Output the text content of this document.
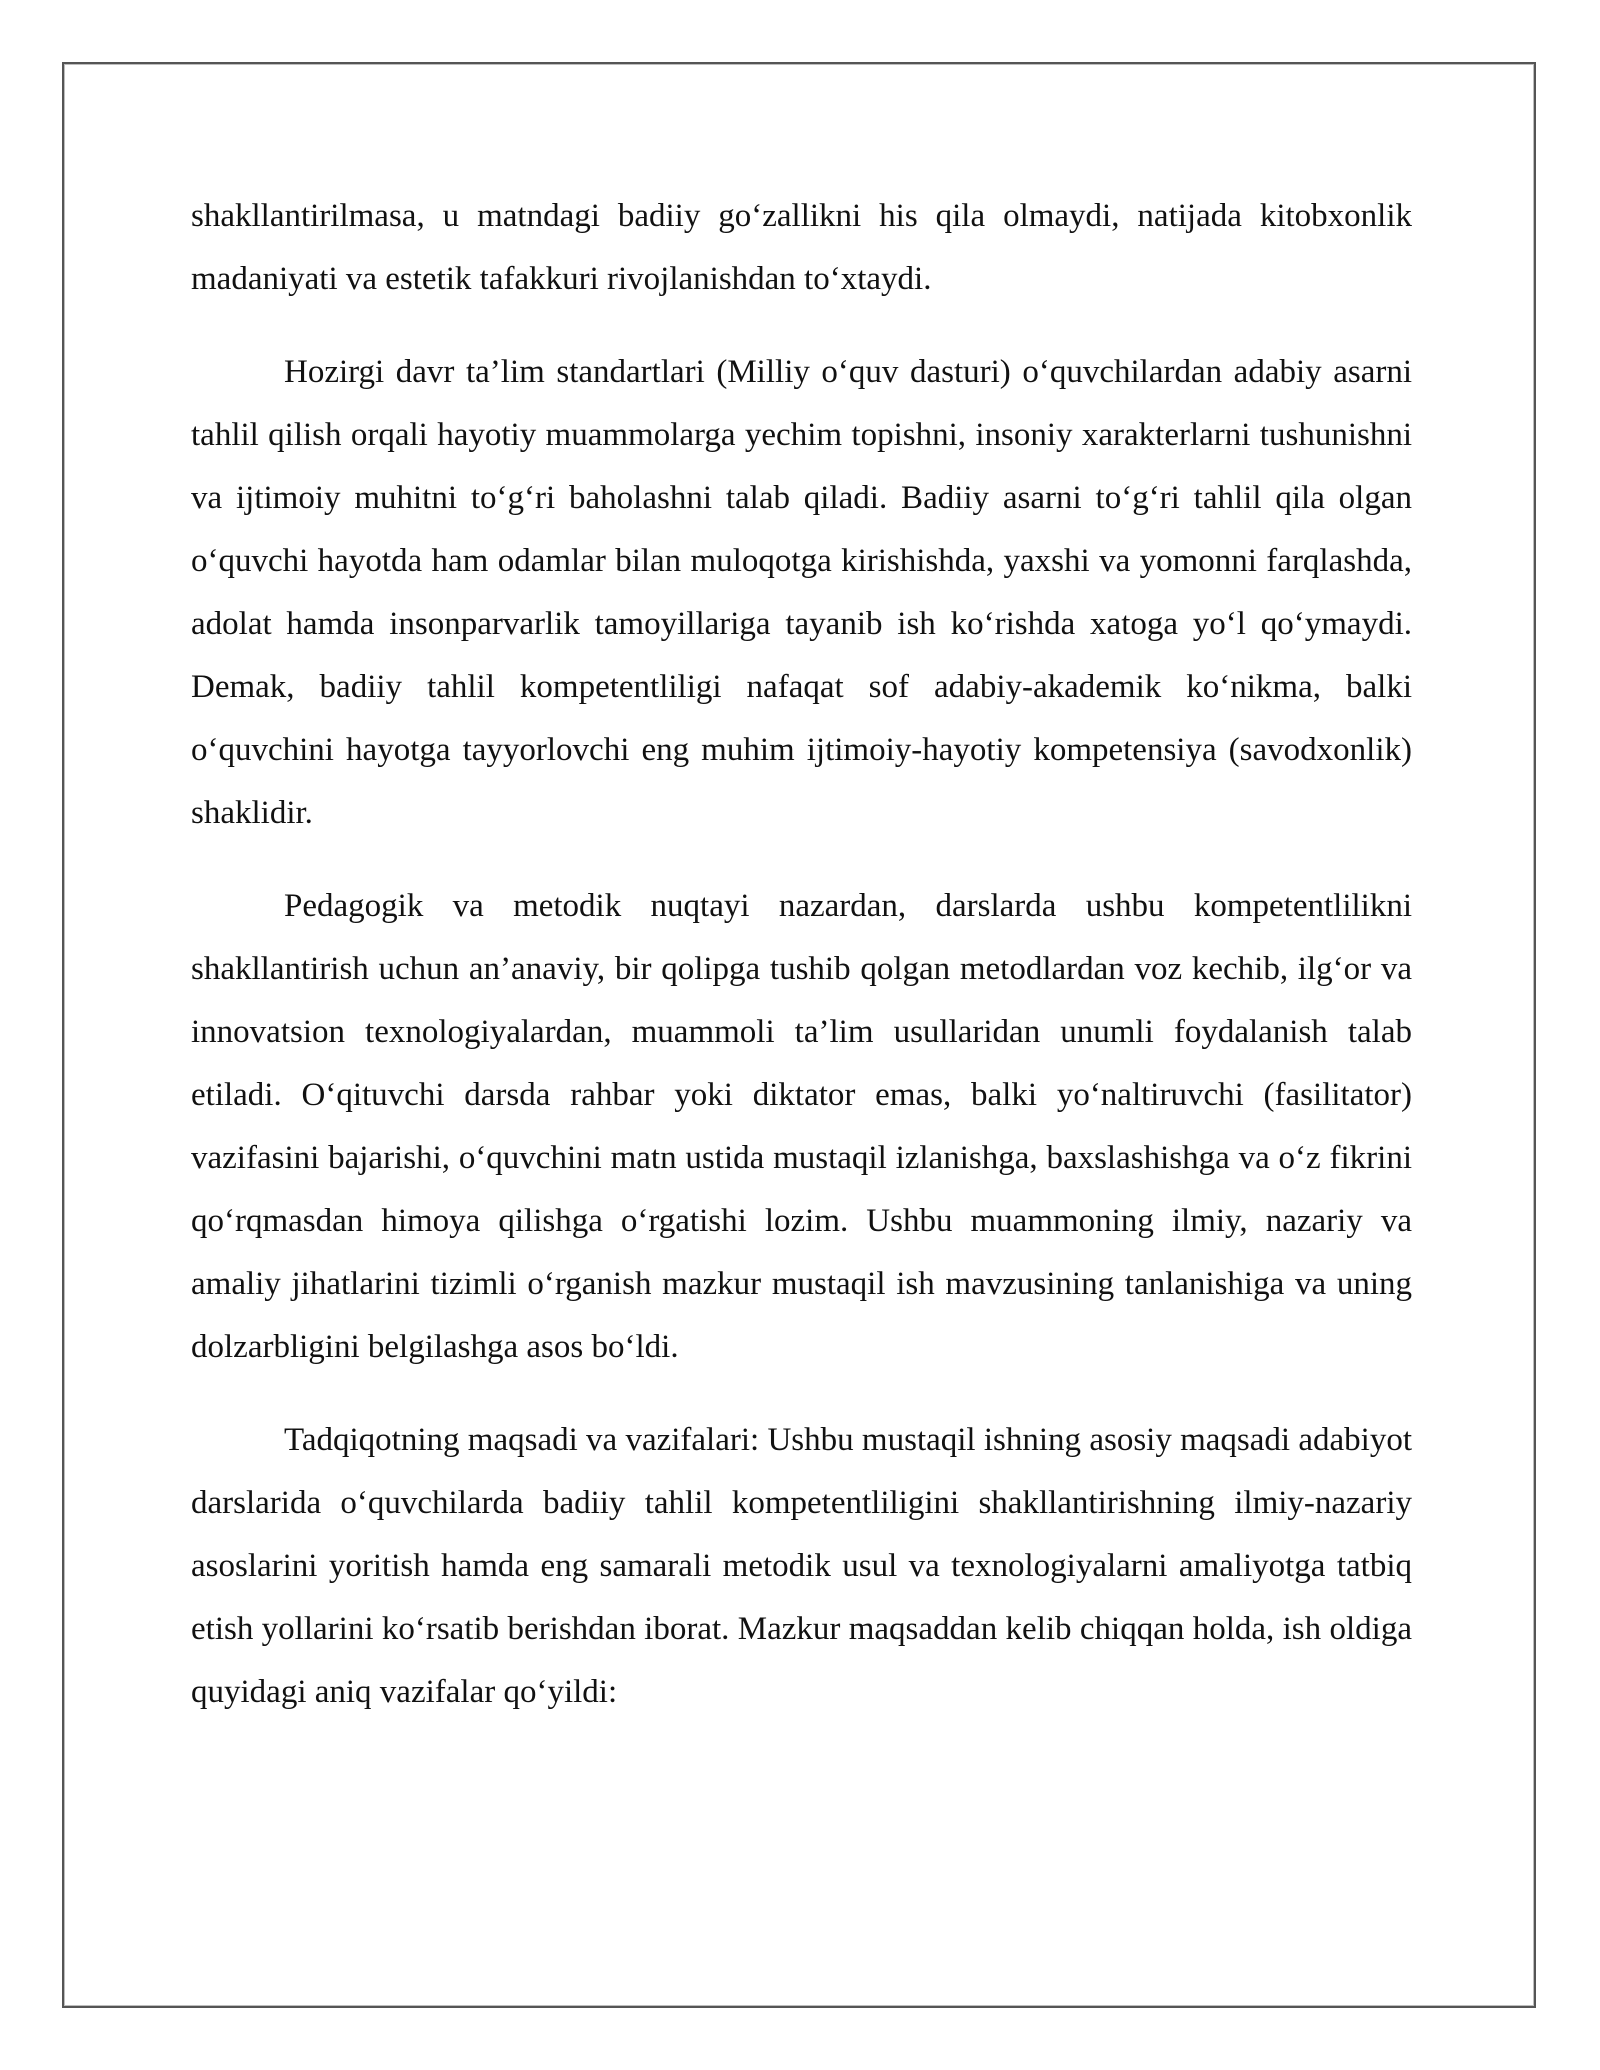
shakllantirilmasa, u matndagi badiiy go‘zallikni his qila olmaydi, natijada kitobxonlik madaniyati va estetik tafakkuri rivojlanishdan to‘xtaydi.

Hozirgi davr ta’lim standartlari (Milliy o‘quv dasturi) o‘quvchilardan adabiy asarni tahlil qilish orqali hayotiy muammolarga yechim topishni, insoniy xarakterlarni tushunishni va ijtimoiy muhitni to‘g‘ri baholashni talab qiladi. Badiiy asarni to‘g‘ri tahlil qila olgan o‘quvchi hayotda ham odamlar bilan muloqotga kirishishda, yaxshi va yomonni farqlashda, adolat hamda insonparvarlik tamoyillariga tayanib ish ko‘rishda xatoga yo‘l qo‘ymaydi. Demak, badiiy tahlil kompetentliligi nafaqat sof adabiy-akademik ko‘nikma, balki o‘quvchini hayotga tayyorlovchi eng muhim ijtimoiy-hayotiy kompetensiya (savodxonlik) shaklidir.

Pedagogik va metodik nuqtayi nazardan, darslarda ushbu kompetentlilikni shakllantirish uchun an’anaviy, bir qolipga tushib qolgan metodlardan voz kechib, ilg‘or va innovatsion texnologiyalardan, muammoli ta’lim usullaridan unumli foydalanish talab etiladi. O‘qituvchi darsda rahbar yoki diktator emas, balki yo‘naltiruvchi (fasilitator) vazifasini bajarishi, o‘quvchini matn ustida mustaqil izlanishga, baxslashishga va o‘z fikrini qo‘rqmasdan himoya qilishga o‘rgatishi lozim. Ushbu muammoning ilmiy, nazariy va amaliy jihatlarini tizimli o‘rganish mazkur mustaqil ish mavzusining tanlanishiga va uning dolzarbligini belgilashga asos bo‘ldi.

Tadqiqotning maqsadi va vazifalari: Ushbu mustaqil ishning asosiy maqsadi adabiyot darslarida o‘quvchilarda badiiy tahlil kompetentliligini shakllantirishning ilmiy-nazariy asoslarini yoritish hamda eng samarali metodik usul va texnologiyalarni amaliyotga tatbiq etish yollarini ko‘rsatib berishdan iborat. Mazkur maqsaddan kelib chiqqan holda, ish oldiga quyidagi aniq vazifalar qo‘yildi:
